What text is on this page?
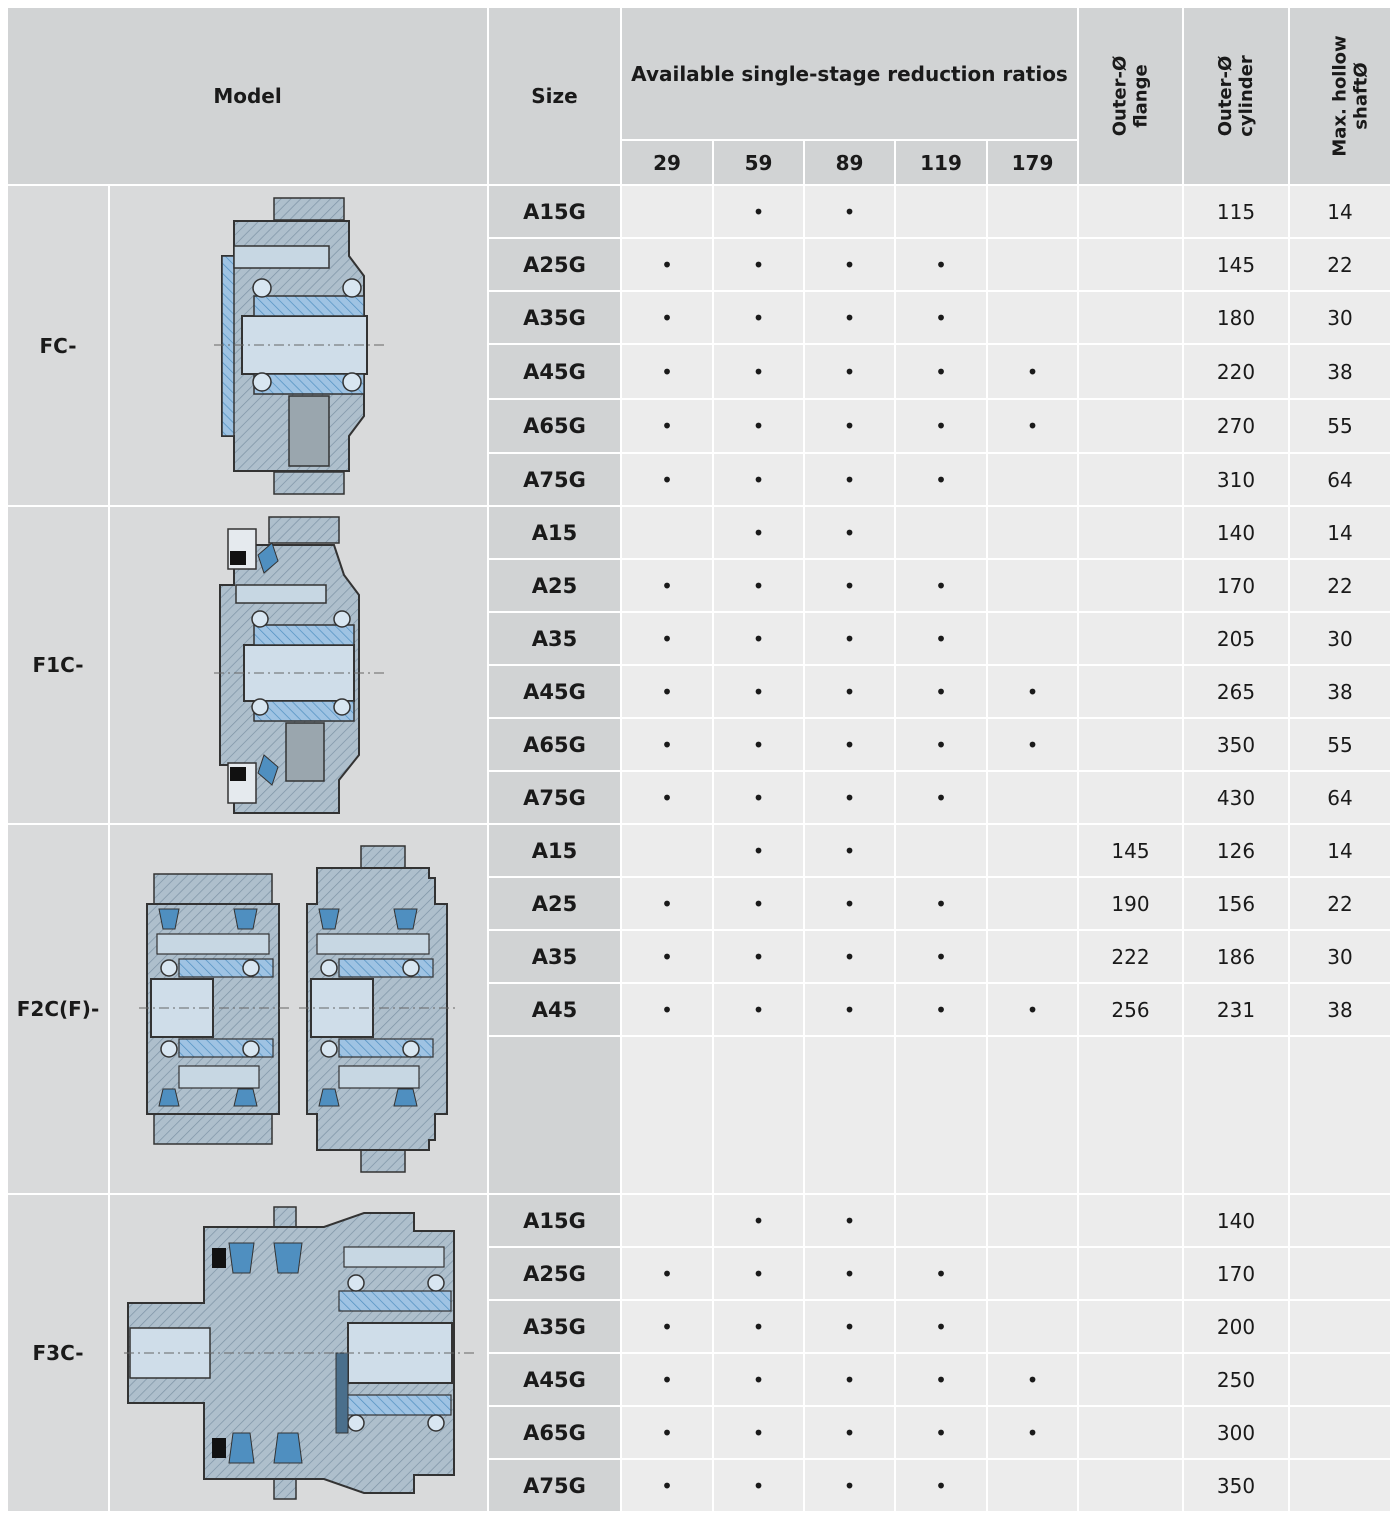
Model		Size	Available single-stage reduction ratios					Outer-Ø flange	Outer-Ø cylinder	Max. hollow shaftØ

			29	59	89	119	179			
FC-		A15G		•	•				115	14
		A25G	•	•	•	•			145	22
		A35G	•	•	•	•			180	30
		A45G	•	•	•	•	•		220	38
		A65G	•	•	•	•	•		270	55
		A75G	•	•	•	•			310	64
F1C-		A15		•	•				140	14
		A25	•	•	•	•			170	22
		A35	•	•	•	•			205	30
		A45G	•	•	•	•	•		265	38
		A65G	•	•	•	•	•		350	55
		A75G	•	•	•	•			430	64
F2C(F)-		A15		•	•			145	126	14
		A25	•	•	•	•		190	156	22
		A35	•	•	•	•		222	186	30
		A45	•	•	•	•	•	256	231	38

F3C-		A15G		•	•				140	
		A25G	•	•	•	•			170	
		A35G	•	•	•	•			200	
		A45G	•	•	•	•	•		250	
		A65G	•	•	•	•	•		300	
		A75G	•	•	•	•			350	
